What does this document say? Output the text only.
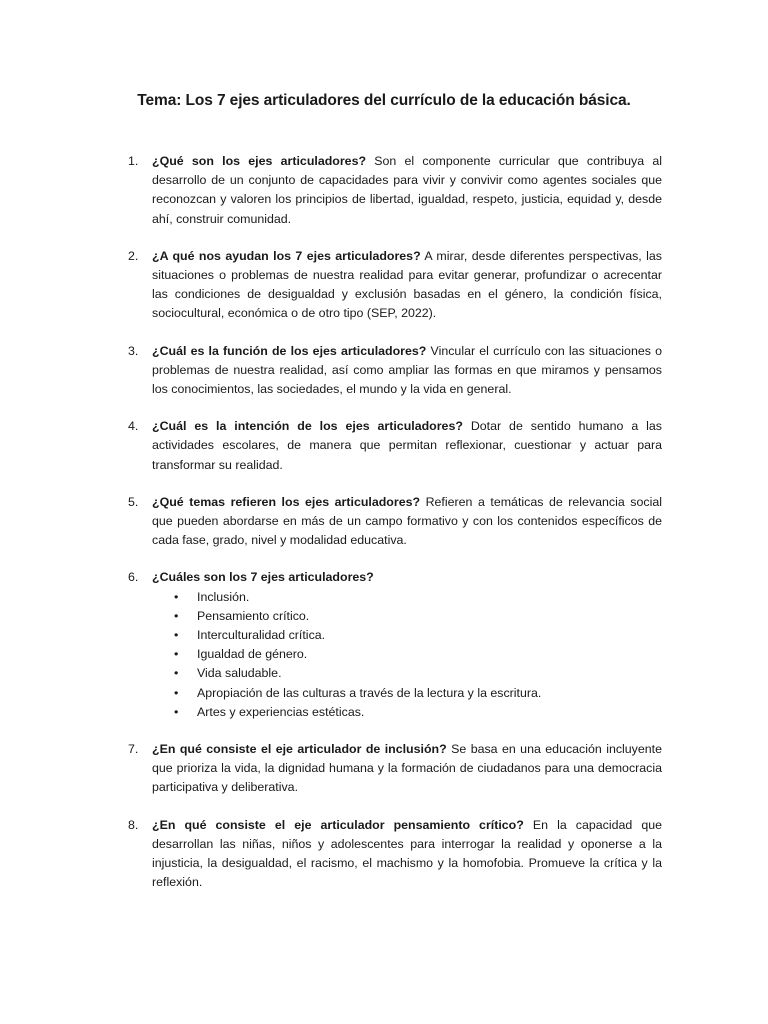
Tema: Los 7 ejes articuladores del currículo de la educación básica.
1. ¿Qué son los ejes articuladores? Son el componente curricular que contribuya al desarrollo de un conjunto de capacidades para vivir y convivir como agentes sociales que reconozcan y valoren los principios de libertad, igualdad, respeto, justicia, equidad y, desde ahí, construir comunidad.
2. ¿A qué nos ayudan los 7 ejes articuladores? A mirar, desde diferentes perspectivas, las situaciones o problemas de nuestra realidad para evitar generar, profundizar o acrecentar las condiciones de desigualdad y exclusión basadas en el género, la condición física, sociocultural, económica o de otro tipo (SEP, 2022).
3. ¿Cuál es la función de los ejes articuladores? Vincular el currículo con las situaciones o problemas de nuestra realidad, así como ampliar las formas en que miramos y pensamos los conocimientos, las sociedades, el mundo y la vida en general.
4. ¿Cuál es la intención de los ejes articuladores? Dotar de sentido humano a las actividades escolares, de manera que permitan reflexionar, cuestionar y actuar para transformar su realidad.
5. ¿Qué temas refieren los ejes articuladores? Refieren a temáticas de relevancia social que pueden abordarse en más de un campo formativo y con los contenidos específicos de cada fase, grado, nivel y modalidad educativa.
6. ¿Cuáles son los 7 ejes articuladores?
• Inclusión.
• Pensamiento crítico.
• Interculturalidad crítica.
• Igualdad de género.
• Vida saludable.
• Apropiación de las culturas a través de la lectura y la escritura.
• Artes y experiencias estéticas.
7. ¿En qué consiste el eje articulador de inclusión? Se basa en una educación incluyente que prioriza la vida, la dignidad humana y la formación de ciudadanos para una democracia participativa y deliberativa.
8. ¿En qué consiste el eje articulador pensamiento crítico? En la capacidad que desarrollan las niñas, niños y adolescentes para interrogar la realidad y oponerse a la injusticia, la desigualdad, el racismo, el machismo y la homofobia. Promueve la crítica y la reflexión.
